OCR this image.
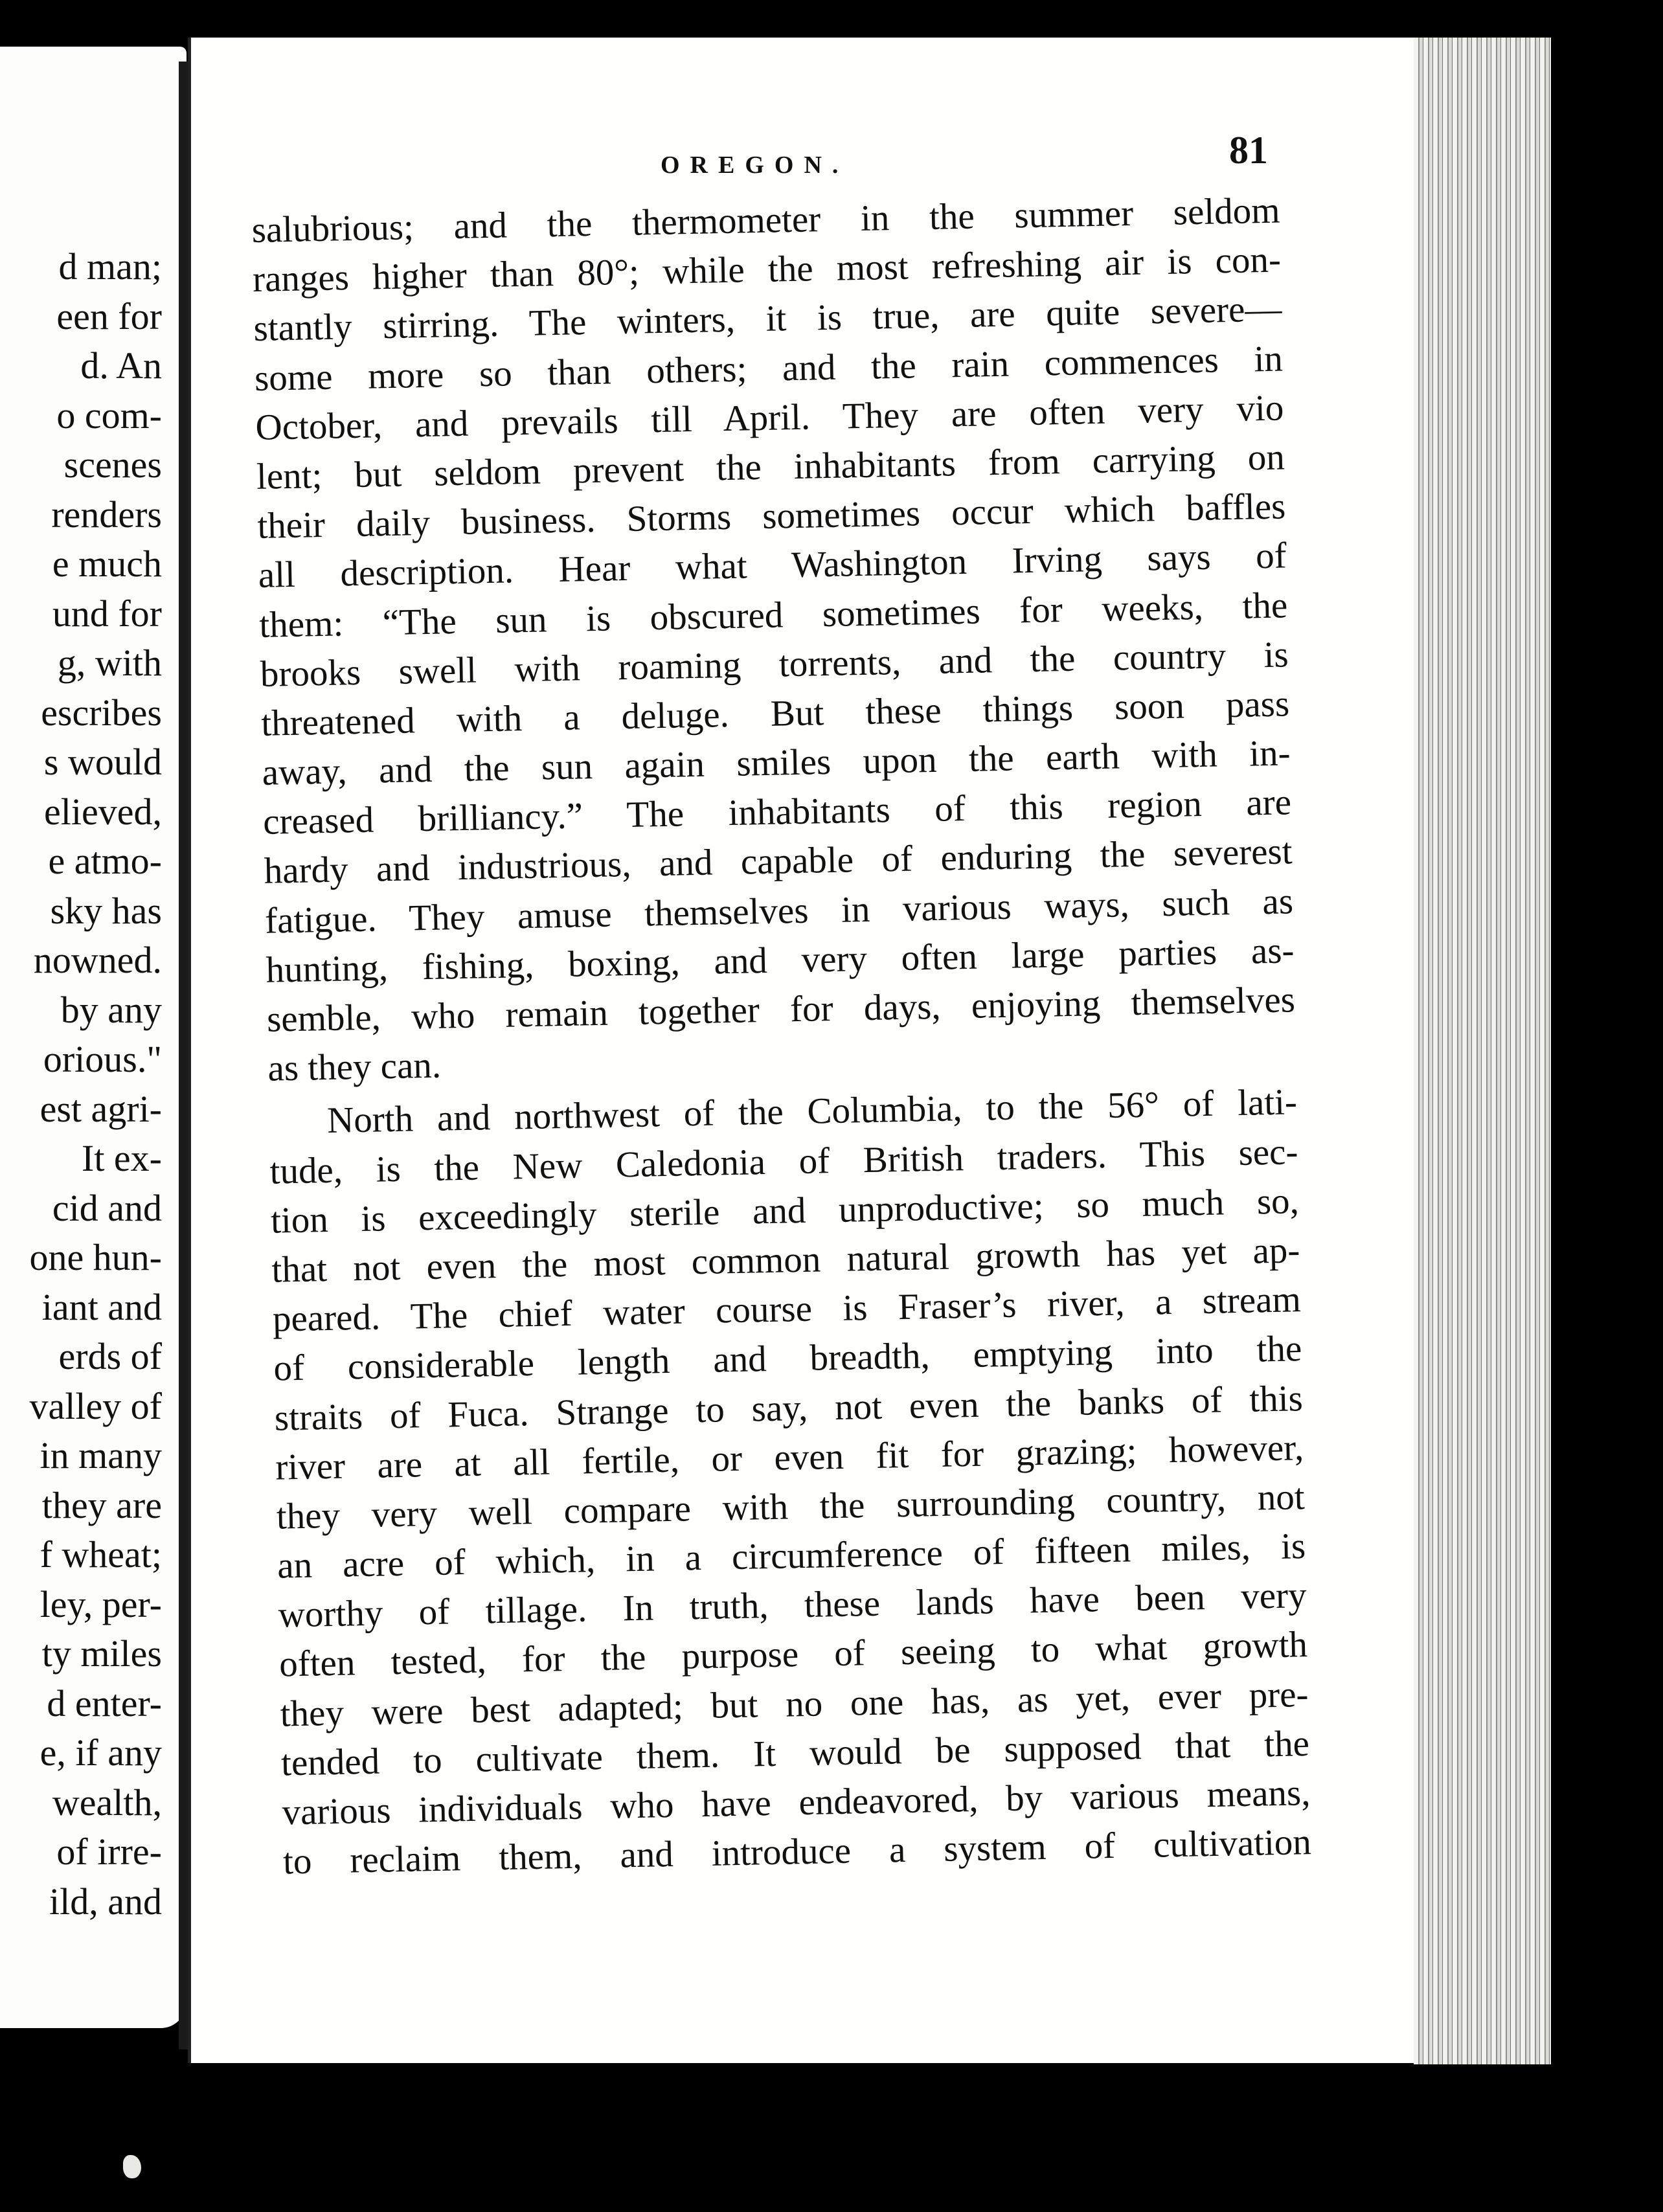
d man;
een for
d. An
o com-
scenes
renders
e much
und for
g, with
escribes
s would
elieved,
e atmo-
sky has
nowned.
by any
orious."
est agri-
It ex-
cid and
one hun-
iant and
erds of
valley of
in many
they are
f wheat;
ley, per-
ty miles
d enter-
e, if any
wealth,
of irre-
ild, and
OREGON.	81
salubrious; and the thermometer in the summer seldom
ranges higher than 80°; while the most refreshing air is con-
stantly stirring. The winters, it is true, are quite severe—
some more so than others; and the rain commences in
October, and prevails till April. They are often very vio
lent; but seldom prevent the inhabitants from carrying on
their daily business. Storms sometimes occur which baffles
all description. Hear what Washington Irving says of
them: “The sun is obscured sometimes for weeks, the
brooks swell with roaming torrents, and the country is
threatened with a deluge. But these things soon pass
away, and the sun again smiles upon the earth with in-
creased brilliancy.” The inhabitants of this region are
hardy and industrious, and capable of enduring the severest
fatigue. They amuse themselves in various ways, such as
hunting, fishing, boxing, and very often large parties as-
semble, who remain together for days, enjoying themselves
as they can.
North and northwest of the Columbia, to the 56° of lati-
tude, is the New Caledonia of British traders. This sec-
tion is exceedingly sterile and unproductive; so much so,
that not even the most common natural growth has yet ap-
peared. The chief water course is Fraser’s river, a stream
of considerable length and breadth, emptying into the
straits of Fuca. Strange to say, not even the banks of this
river are at all fertile, or even fit for grazing; however,
they very well compare with the surrounding country, not
an acre of which, in a circumference of fifteen miles, is
worthy of tillage. In truth, these lands have been very
often tested, for the purpose of seeing to what growth
they were best adapted; but no one has, as yet, ever pre-
tended to cultivate them. It would be supposed that the
various individuals who have endeavored, by various means,
to reclaim them, and introduce a system of cultivation
